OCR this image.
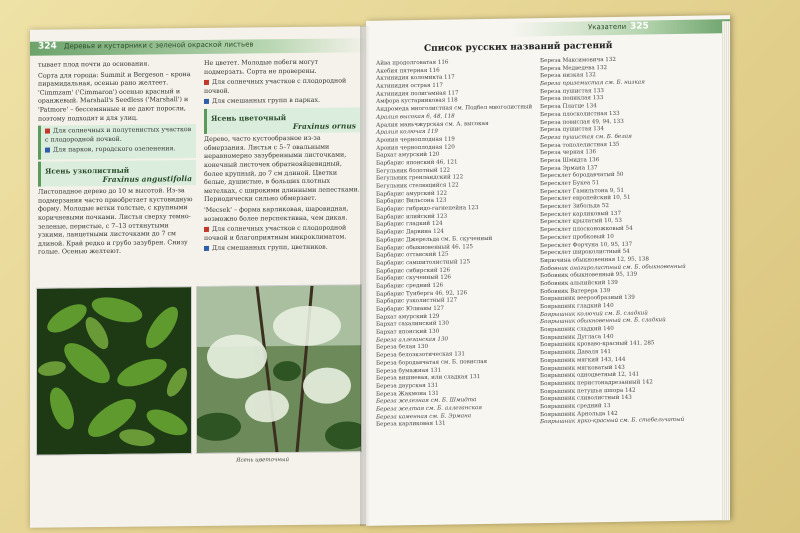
324 Деревья и кустарники с зеленой окраской листьев

тывает плод почти до основания.

Сорта для города: Summit и Bergeson – крона пирамидальная, осенью рано желтеет. 'Cimmzam' ('Cimmaron') осенью красный и оранжевый. Marshall's Seedless ('Marshall') и 'Patmore' – бессемянные и не дают поросли, поэтому подходят и для улиц.

Для солнечных и полутенистых участков с плодородной почвой.

Для парков, городского озеленения.

Ясень узколистный
Fraxinus angustifolia

Листопадное дерево до 10 м высотой. Из-за подмерзания часто приобретает кустовидную форму. Молодые ветки толстые, с крупными коричневыми почками. Листья сверху темно-зеленые, перистые, с 7–13 оттянутыми узкими, ланцетными листочками до 7 см длиной. Край редко и грубо зазубрен. Снизу голые. Осенью желтеют.

Не цветет. Молодые побеги могут подмерзать. Сорта не проверены.

Для солнечных участков с плодородной почвой.

Для смешанных групп в парках.

Ясень цветочный
Fraxinus ornus

Дерево, часто кустообразное из-за обмерзания. Листья с 5–7 овальными неравномерно зазубренными листочками, конечный листочек обратнояйцевидный, более крупный, до 7 см длиной. Цветки белые, душистые, в больших плотных метелках, с широкими длинными лепестками. Периодически сильно обмерзает.

'Mecsek' – форма карликовая, шаровидная, возможно более перспективна, чем дикая.

Для солнечных участков с плодородной почвой и благоприятным микроклиматом.

Для смешанных групп, цветников.

Ясень цветочный
Указатели 325
Список русских названий растений
Айва продолговатая 116
Акебия пятерная 116
Актинидия коломикта 117
Актинидия острая 117
Актинидия полигамная 117
Амфора кустарниковая 118
Андромеда многолистная см. Подбел многолистный
Аралия высокая 6, 48, 118
Аралия маньчжурская см. А. высокая
Аралия колючая 119
Арония черноплодная 119
Арония черноплодная 120
Бархат амурский 120
Барбарис японский 46, 121
Бегульник болотный 122
Бегульник гренландский 122
Бегульник стелющийся 122
Барбарис амурский 122
Барбарис Вильсона 123
Барбарис гибридо-гагнепейна 123
Барбарис илийский 123
Барбарис гладкий 124
Барбарис Дарвина 124
Барбарис Джерельда см. Б. скученный
Барбарис обыкновенный 46, 125
Барбарис оттавский 125
Барбарис самшитолистный 125
Барбарис сибирский 126
Барбарис скученный 126
Барбарис средний 126
Барбарис Тунберга 46, 92, 126
Барбарис узколистный 127
Барбарис Юлианы 127
Бархат амурский 129
Бархат сахалинский 130
Бархат японский 130
Береза аллеганская 130
Береза белая 130
Береза белоэкзотическая 131
Береза бородавчатая см. Б. повислая
Береза бумажная 131
Береза вишневая, или сладкая 131
Береза даурская 131
Береза Жакмона 131
Береза железная см. Б. Шмидта
Береза желтая см. Б. аллеганская
Береза каменная см. Б. Эрмана
Береза карликовая 131
Береза Максимовича 132
Береза Медведева 132
Береза низкая 132
Береза приземистая см. Б. низкая
Береза пушистая 133
Береза пониклая 133
Береза Платце 134
Береза плосколистная 133
Береза повислая 49, 94, 133
Береза пушистая 134
Береза пушистая см. Б. белая
Береза тополелистная 135
Береза черная 136
Береза Шмидта 136
Береза Эрмана 137
Бересклет бородавчатый 50
Бересклет Букеа 51
Бересклет Гамильтона 9, 51
Бересклет европейский 10, 51
Бересклет Зибольда 52
Бересклет карликовый 137
Бересклет крылатый 10, 53
Бересклет плосконожковый 54
Бересклет пробковый 10
Бересклет Форчуна 10, 95, 137
Бересклет широколистный 54
Бирючина обыкновенная 12, 95, 138
Бобовник анагиролистный см. Б. обыкновенный
Бобовник обыкновенный 95, 139
Бобовник альпийский 139
Бобовник Ватерера 139
Боярышник веерообразный 139
Боярышник гладкий 140
Боярышник колючий см. Б. сладкий
Боярышник обыкновенный см. Б. сладкий
Боярышник сладкий 140
Боярышник Дугласа 140
Боярышник кроваво-красный 141, 285
Боярышник Даваля 141
Боярышник мягкий 143, 144
Боярышник мягковатый 143
Боярышник одноцветный 12, 141
Боярышник перистонадрезанный 142
Боярышник петушья шпора 142
Боярышник сливолистный 143
Боярышник средний 13
Боярышник Арнольда 142
Боярышник ярко-красный см. Б. стебельчатый
